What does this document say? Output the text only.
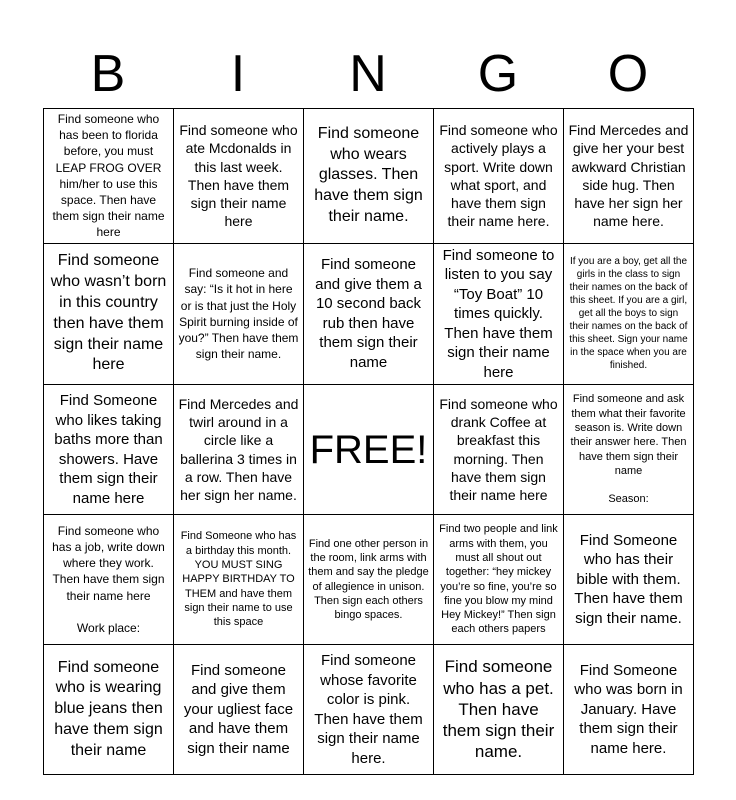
B	I	N	G	O
Find someone who has been to florida before, you must LEAP FROG OVER him/her to use this space. Then have them sign their name here	Find someone who ate Mcdonalds in this last week. Then have them sign their name here	Find someone who wears glasses. Then have them sign their name.	Find someone who actively plays a sport. Write down what sport, and have them sign their name here.	Find Mercedes and give her your best awkward Christian side hug. Then have her sign her name here.
Find someone who wasn’t born in this country then have them sign their name here	Find someone and say: “Is it hot in here or is that just the Holy Spirit burning inside of you?” Then have them sign their name.	Find someone and give them a 10 second back rub then have them sign their name	Find someone to listen to you say “Toy Boat” 10 times quickly. Then have them sign their name here	If you are a boy, get all the girls in the class to sign their names on the back of this sheet. If you are a girl, get all the boys to sign their names on the back of this sheet. Sign your name in the space when you are finished.
Find Someone who likes taking baths more than showers. Have them sign their name here	Find Mercedes and twirl around in a circle like a ballerina 3 times in a row. Then have her sign her name.	FREE!	Find someone who drank Coffee at breakfast this morning. Then have them sign their name here	Find someone and ask them what their favorite season is. Write down their answer here. Then have them sign their name

Season:
Find someone who has a job, write down where they work. Then have them sign their name here

Work place:	Find Someone who has a birthday this month. YOU MUST SING HAPPY BIRTHDAY TO THEM and have them sign their name to use this space	Find one other person in the room, link arms with them and say the pledge of allegience in unison. Then sign each others bingo spaces.	Find two people and link arms with them, you must all shout out together: “hey mickey you’re so fine, you’re so fine you blow my mind Hey Mickey!” Then sign each others papers	Find Someone who has their bible with them. Then have them sign their name.
Find someone who is wearing blue jeans then have them sign their name	Find someone and give them your ugliest face and have them sign their name	Find someone whose favorite color is pink. Then have them sign their name here.	Find someone who has a pet. Then have them sign their name.	Find Someone who was born in January. Have them sign their name here.
